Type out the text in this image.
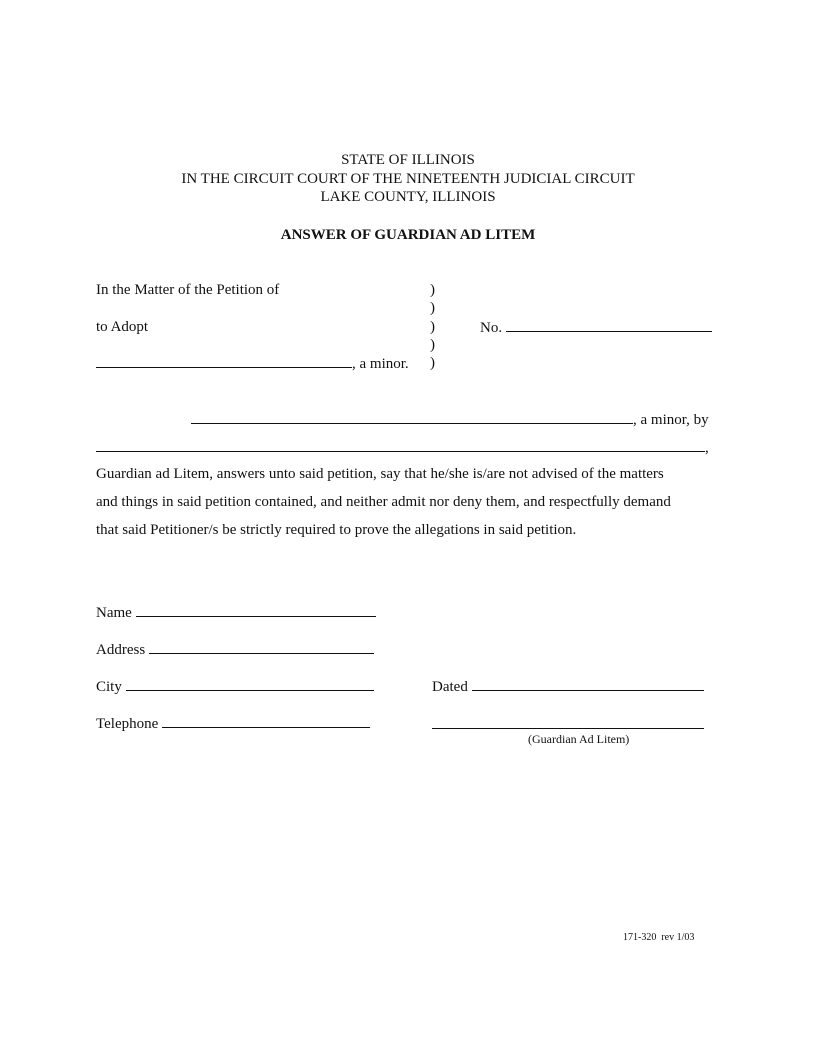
STATE OF ILLINOIS
IN THE CIRCUIT COURT OF THE NINETEENTH JUDICIAL CIRCUIT
LAKE COUNTY, ILLINOIS
ANSWER OF GUARDIAN AD LITEM
In the Matter of the Petition of
to Adopt
, a minor.
)
)
)
)
)
No.
, a minor, by
,
Guardian ad Litem, answers unto said petition, say that he/she is/are not advised of the matters
and things in said petition contained, and neither admit nor deny them, and respectfully demand
that said Petitioner/s be strictly required to prove the allegations in said petition.
Name
Address
City
Telephone
Dated
(Guardian Ad Litem)
171-320  rev 1/03
